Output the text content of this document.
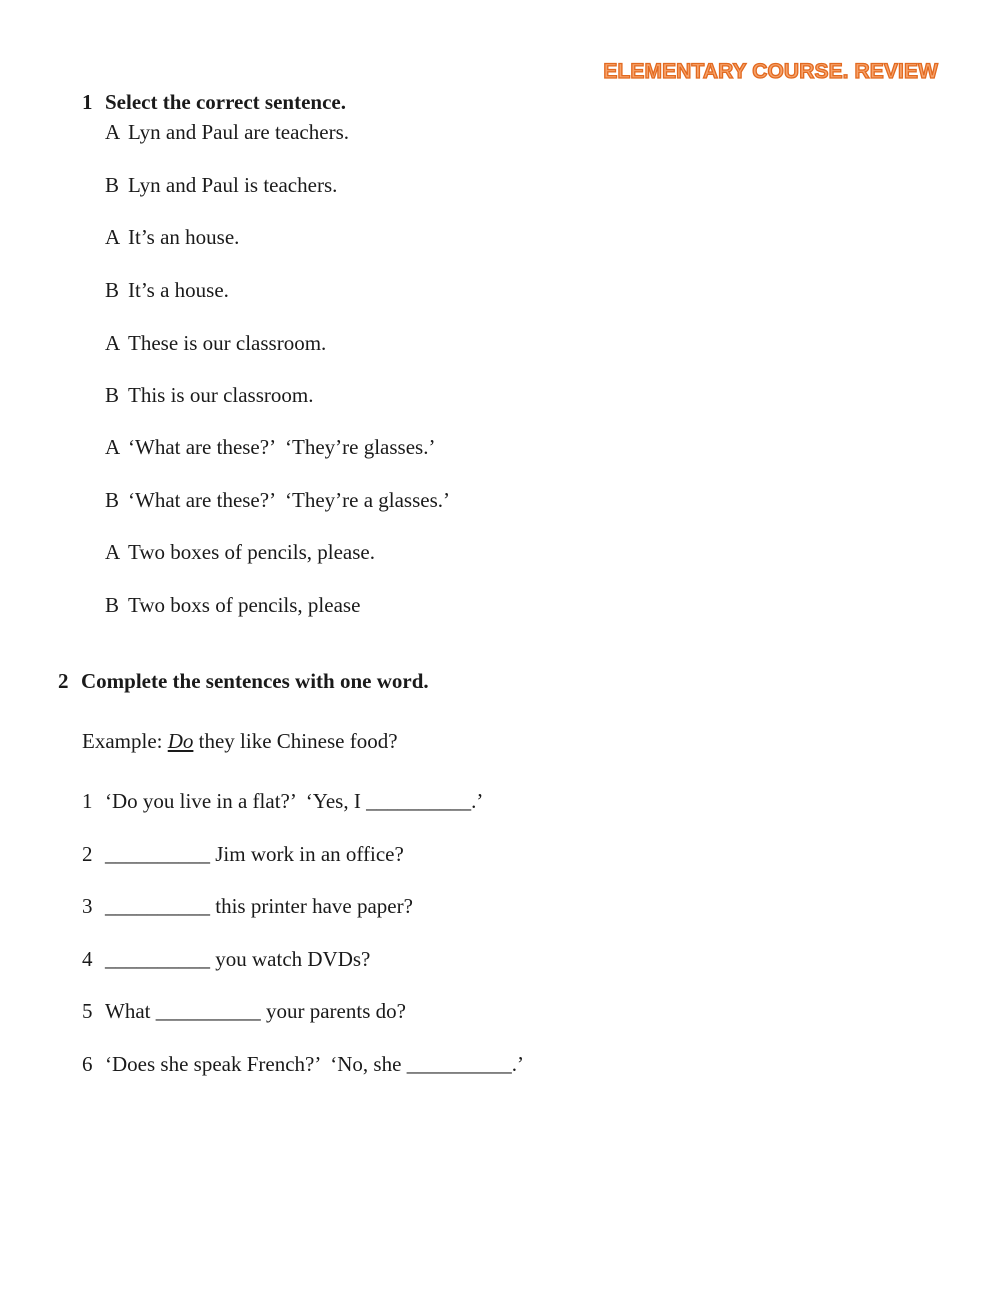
ELEMENTARY COURSE. REVIEW
1 Select the correct sentence.
A Lyn and Paul are teachers.
B Lyn and Paul is teachers.
A It’s an house.
B It’s a house.
A These is our classroom.
B This is our classroom.
A ‘What are these?’  ‘They’re glasses.’
B ‘What are these?’  ‘They’re a glasses.’
A Two boxes of pencils, please.
B Two boxs of pencils, please
2 Complete the sentences with one word.
Example: Do they like Chinese food?
1 ‘Do you live in a flat?’  ‘Yes, I __________.’
2 __________ Jim work in an office?
3 __________ this printer have paper?
4 __________ you watch DVDs?
5 What __________ your parents do?
6 ‘Does she speak French?’  ‘No, she __________.’
